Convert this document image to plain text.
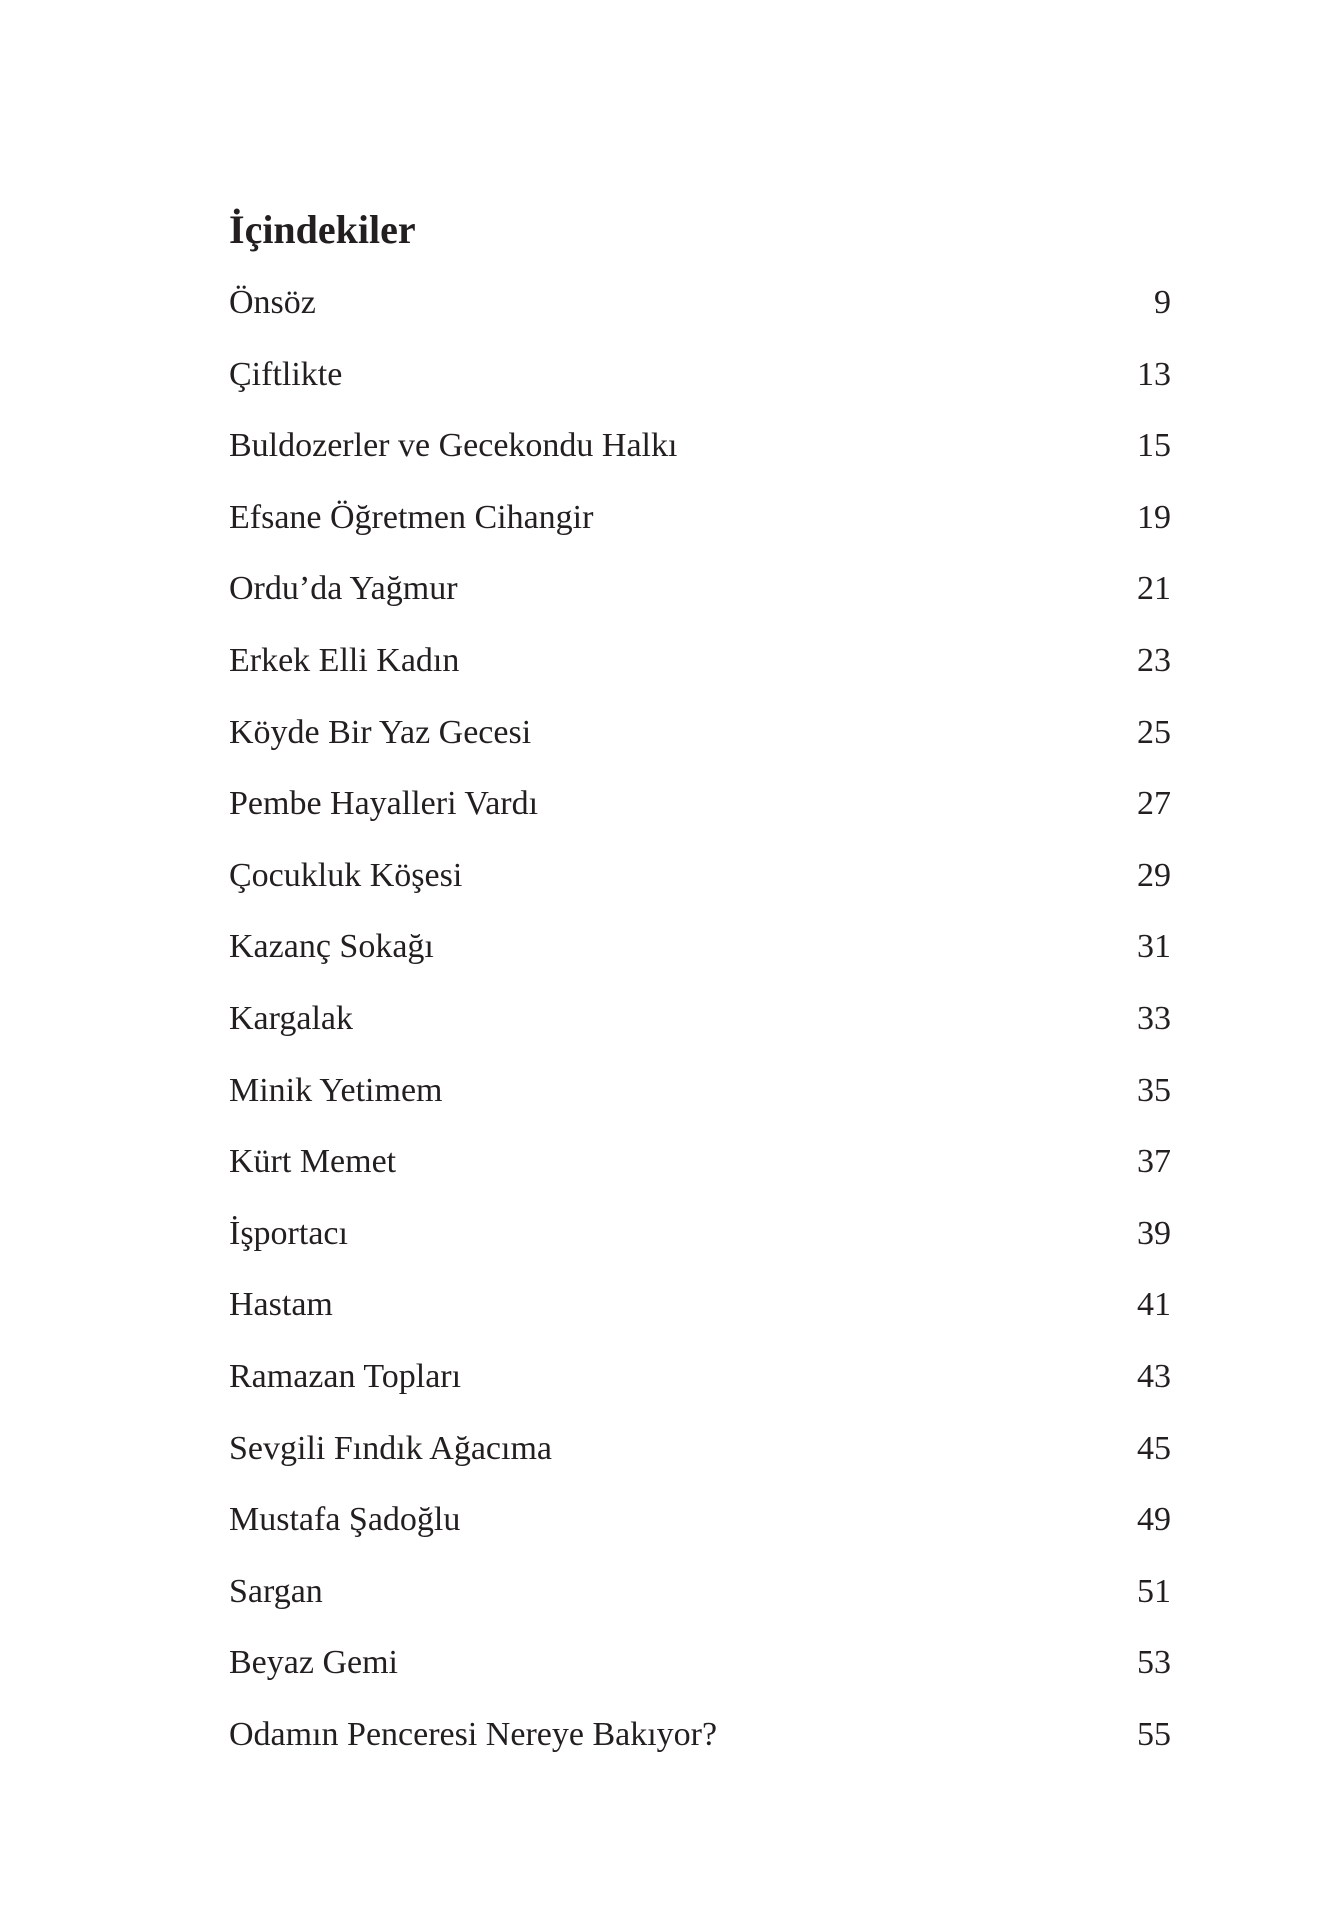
İçindekiler
Önsöz	9
Çiftlikte	13
Buldozerler ve Gecekondu Halkı	15
Efsane Öğretmen Cihangir	19
Ordu’da Yağmur	21
Erkek Elli Kadın	23
Köyde Bir Yaz Gecesi	25
Pembe Hayalleri Vardı	27
Çocukluk Köşesi	29
Kazanç Sokağı	31
Kargalak	33
Minik Yetimem	35
Kürt Memet	37
İşportacı	39
Hastam	41
Ramazan Topları	43
Sevgili Fındık Ağacıma	45
Mustafa Şadoğlu	49
Sargan	51
Beyaz Gemi	53
Odamın Penceresi Nereye Bakıyor?	55
